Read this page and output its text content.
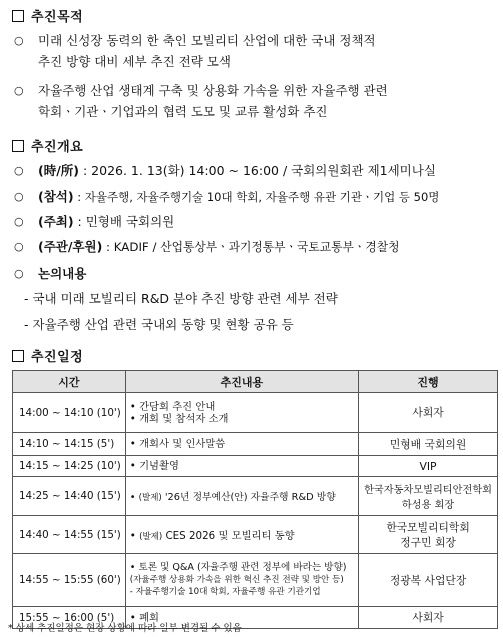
추진목적
○ 미래 신성장 동력의 한 축인 모빌리티 산업에 대한 국내 정책적
추진 방향 대비 세부 추진 전략 모색
○ 자율주행 산업 생태계 구축 및 상용화 가속을 위한 자율주행 관련
학회ㆍ기관ㆍ기업과의 협력 도모 및 교류 활성화 추진
추진개요
○ (時/所) : 2026. 1. 13(화) 14:00 ~ 16:00 / 국회의원회관 제1세미나실
○ (참석) : 자율주행, 자율주행기술 10대 학회, 자율주행 유관 기관ㆍ기업 등 50명
○ (주최) : 민형배 국회의원
○ (주관/후원) : KADIF / 산업통상부ㆍ과기정통부ㆍ국토교통부ㆍ경찰청
○ 논의내용
- 국내 미래 모빌리티 R&D 분야 추진 방향 관련 세부 전략
- 자율주행 산업 관련 국내외 동향 및 현황 공유 등
추진일정
시간	추진내용	진행
14:00 ~ 14:10 (10')	• 간담회 추진 안내
• 개회 및 참석자 소개	사회자
14:10 ~ 14:15 (5')	• 개회사 및 인사말씀	민형배 국회의원
14:15 ~ 14:25 (10')	• 기념촬영	VIP
14:25 ~ 14:40 (15')	• (발제) '26년 정부예산(안) 자율주행 R&D 방향	한국자동차모빌리티안전학회
하성용 회장

14:40 ~ 14:55 (15')	• (발제) CES 2026 및 모빌리티 동향	한국모빌리티학회
정구민 회장

14:55 ~ 15:55 (60')	• 토론 및 Q&A (자율주행 관련 정부에 바라는 방향)
(자율주행 상용화 가속을 위한 혁신 추진 전략 및 방안 등)
- 자율주행기술 10대 학회, 자율주행 유관 기관기업	정광복 사업단장
15:55 ~ 16:00 (5')	• 폐회	사회자
* 상세 추진일정은 현장 상황에 따라 일부 변경될 수 있음
